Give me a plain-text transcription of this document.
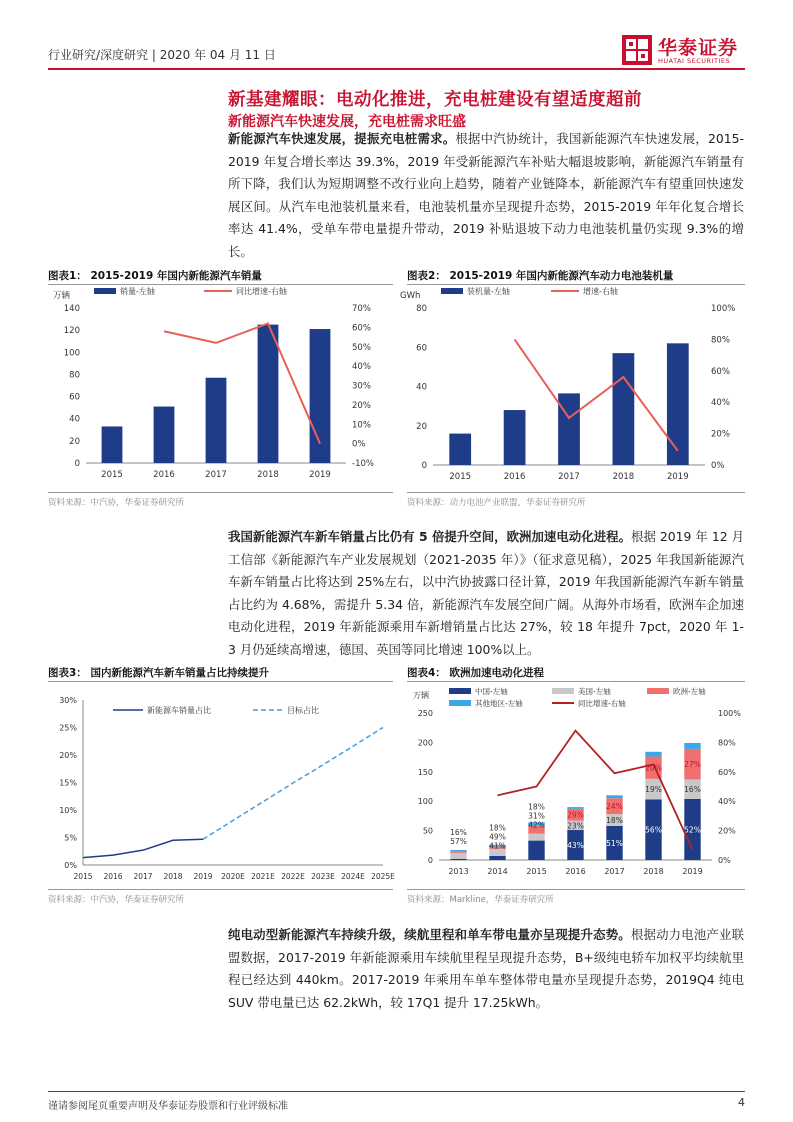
行业研究/深度研究 | 2020 年 04 月 11 日	华泰证券
HUATAI SECURITIES
新基建耀眼：电动化推进，充电桩建设有望适度超前
新能源汽车快速发展，充电桩需求旺盛
新能源汽车快速发展，提振充电桩需求。根据中汽协统计，我国新能源汽车快速发展，2015-2019 年复合增长率达 39.3%，2019 年受新能源汽车补贴大幅退坡影响，新能源汽车销量有所下降，我们认为短期调整不改行业向上趋势，随着产业链降本，新能源汽车有望重回快速发展区间。从汽车电池装机量来看，电池装机量亦呈现提升态势，2015-2019 年年化复合增长率达 41.4%，受单车带电量提升带动，2019 补贴退坡下动力电池装机量仍实现 9.3%的增长。
图表1： 2015-2019 年国内新能源汽车销量
万辆
0
20
40
60
80
100
120
140
-10%
0%
10%
20%
30%
40%
50%
60%
70%
2015	2016	2017	2018	2019
销量-左轴	同比增速-右轴
资料来源：中汽协，华泰证券研究所
图表2： 2015-2019 年国内新能源汽车动力电池装机量
GWh
0
20
40
60
80
0%
20%
40%
60%
80%
100%
2015	2016	2017	2018	2019
装机量-左轴	增速-右轴
资料来源：动力电池产业联盟，华泰证券研究所
我国新能源汽车新车销量占比仍有 5 倍提升空间，欧洲加速电动化进程。根据 2019 年 12 月工信部《新能源汽车产业发展规划（2021-2035 年）》（征求意见稿），2025 年我国新能源汽车新车销量占比将达到 25%左右，以中汽协披露口径计算，2019 年我国新能源汽车新车销量占比约为 4.68%，需提升 5.34 倍，新能源汽车发展空间广阔。从海外市场看，欧洲车企加速电动化进程，2019 年新能源乘用车新增销量占比达 27%，较 18 年提升 7pct，2020 年 1-3 月仍延续高增速，德国、英国等同比增速 100%以上。
图表3： 国内新能源汽车新车销量占比持续提升
0%
5%
10%
15%
20%
25%
30%
2015 2016 2017 2018 2019 2020E 2021E 2022E 2023E 2024E 2025E
新能源车销量占比	目标占比
资料来源：中汽协，华泰证券研究所
图表4： 欧洲加速电动化进程
万辆
0
50
100
150
200
250
0%
20%
40%
60%
80%
100%
2013
16%
57%
2014
18%
49%
41%
2015
18%
31%
42%
2016
29%
23%
43%
2017
24%
18%
51%
2018
20%
19%
56%
2019
27%
16%
52%
中国-左轴	美国-左轴	欧洲-左轴
其他地区-左轴	同比增速-右轴
资料来源：Markline，华泰证券研究所
纯电动型新能源汽车持续升级，续航里程和单车带电量亦呈现提升态势。根据动力电池产业联盟数据，2017-2019 年新能源乘用车续航里程呈现提升态势，B+级纯电轿车加权平均续航里程已经达到 440km。2017-2019 年乘用车单车整体带电量亦呈现提升态势，2019Q4 纯电 SUV 带电量已达 62.2kWh，较 17Q1 提升 17.25kWh。
谨请参阅尾页重要声明及华泰证券股票和行业评级标准	4
